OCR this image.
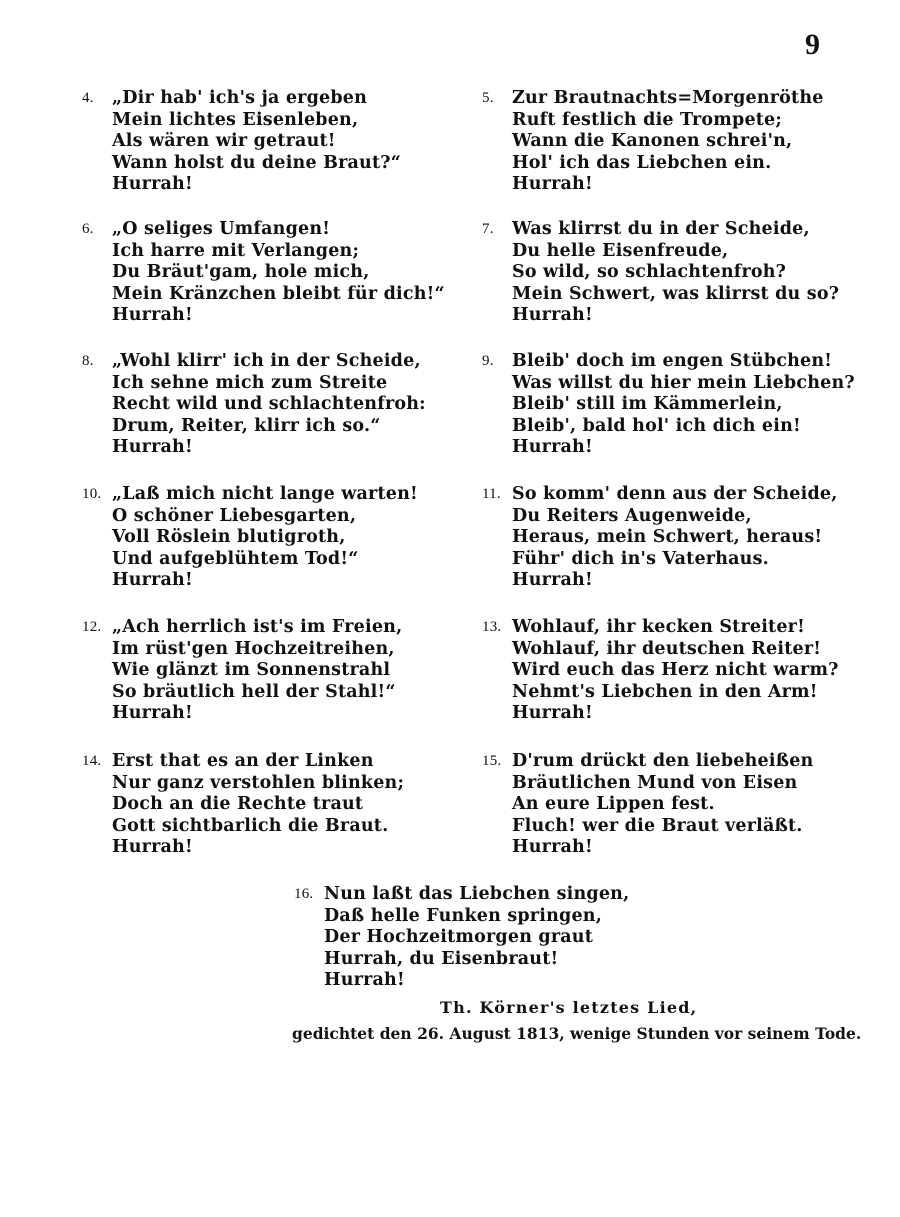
9
4. „Dir hab' ich's ja ergeben
Mein lichtes Eisenleben,
Als wären wir getraut!
Wann holst du deine Braut?“
Hurrah!
5. Zur Brautnachts=Morgenröthe
Ruft festlich die Trompete;
Wann die Kanonen schrei'n,
Hol' ich das Liebchen ein.
Hurrah!
6. „O seliges Umfangen!
Ich harre mit Verlangen;
Du Bräut'gam, hole mich,
Mein Kränzchen bleibt für dich!“
Hurrah!
7. Was klirrst du in der Scheide,
Du helle Eisenfreude,
So wild, so schlachtenfroh?
Mein Schwert, was klirrst du so?
Hurrah!
8. „Wohl klirr' ich in der Scheide,
Ich sehne mich zum Streite
Recht wild und schlachtenfroh:
Drum, Reiter, klirr ich so.“
Hurrah!
9. Bleib' doch im engen Stübchen!
Was willst du hier mein Liebchen?
Bleib' still im Kämmerlein,
Bleib', bald hol' ich dich ein!
Hurrah!
10. „Laß mich nicht lange warten!
O schöner Liebesgarten,
Voll Röslein blutigroth,
Und aufgeblühtem Tod!“
Hurrah!
11. So komm' denn aus der Scheide,
Du Reiters Augenweide,
Heraus, mein Schwert, heraus!
Führ' dich in's Vaterhaus.
Hurrah!
12. „Ach herrlich ist's im Freien,
Im rüst'gen Hochzeitreihen,
Wie glänzt im Sonnenstrahl
So bräutlich hell der Stahl!“
Hurrah!
13. Wohlauf, ihr kecken Streiter!
Wohlauf, ihr deutschen Reiter!
Wird euch das Herz nicht warm?
Nehmt's Liebchen in den Arm!
Hurrah!
14. Erst that es an der Linken
Nur ganz verstohlen blinken;
Doch an die Rechte traut
Gott sichtbarlich die Braut.
Hurrah!
15. D'rum drückt den liebeheißen
Bräutlichen Mund von Eisen
An eure Lippen fest.
Fluch! wer die Braut verläßt.
Hurrah!
16. Nun laßt das Liebchen singen,
Daß helle Funken springen,
Der Hochzeitmorgen graut
Hurrah, du Eisenbraut!
Hurrah!
Th. Körner's letztes Lied,
gedichtet den 26. August 1813, wenige Stunden vor seinem Tode.
